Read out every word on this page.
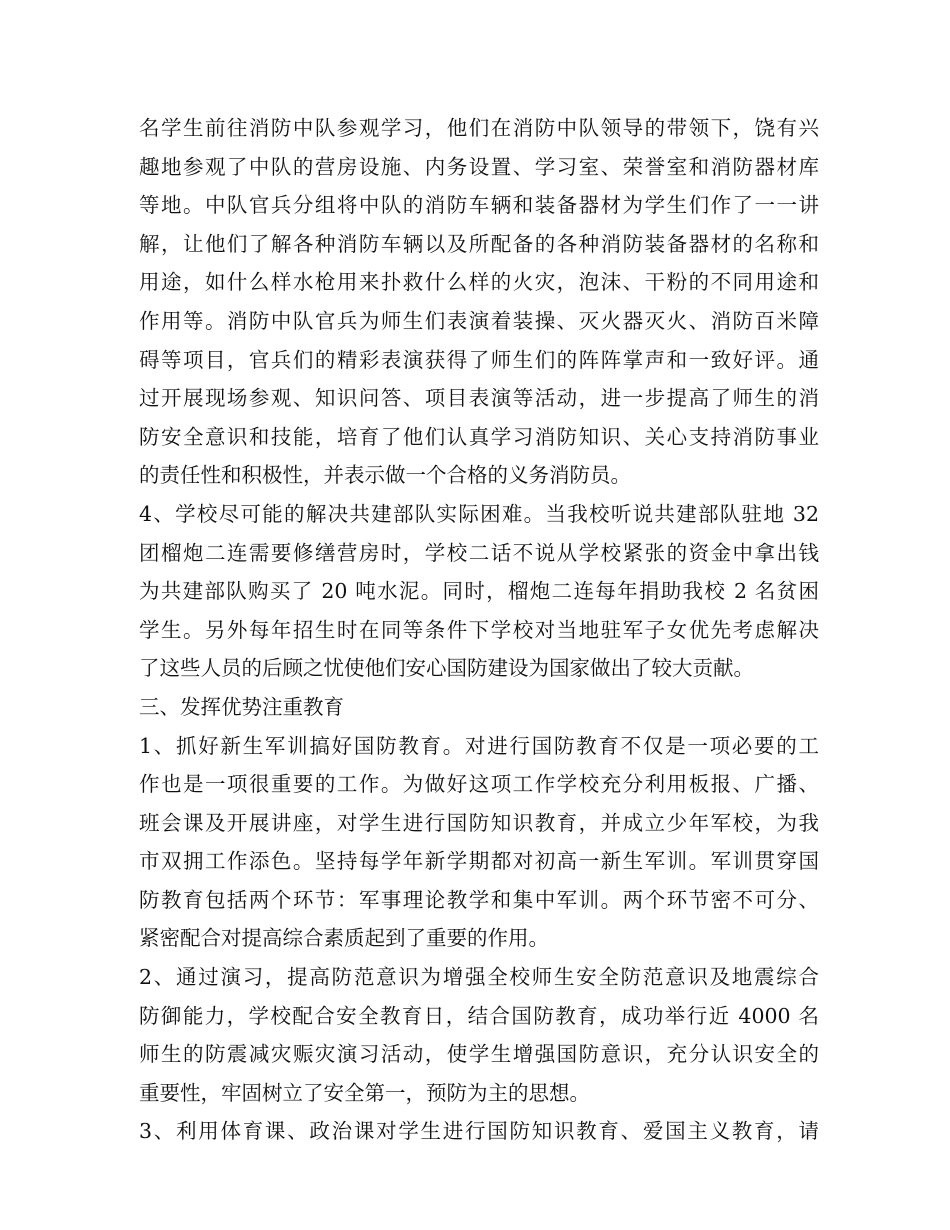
名学生前往消防中队参观学习，他们在消防中队领导的带领下，饶有兴
趣地参观了中队的营房设施、内务设置、学习室、荣誉室和消防器材库
等地。中队官兵分组将中队的消防车辆和装备器材为学生们作了一一讲
解，让他们了解各种消防车辆以及所配备的各种消防装备器材的名称和
用途，如什么样水枪用来扑救什么样的火灾，泡沫、干粉的不同用途和
作用等。消防中队官兵为师生们表演着装操、灭火器灭火、消防百米障
碍等项目，官兵们的精彩表演获得了师生们的阵阵掌声和一致好评。通
过开展现场参观、知识问答、项目表演等活动，进一步提高了师生的消
防安全意识和技能，培育了他们认真学习消防知识、关心支持消防事业
的责任性和积极性，并表示做一个合格的义务消防员。
4、学校尽可能的解决共建部队实际困难。当我校听说共建部队驻地 32
团榴炮二连需要修缮营房时，学校二话不说从学校紧张的资金中拿出钱
为共建部队购买了 20 吨水泥。同时，榴炮二连每年捐助我校 2 名贫困
学生。另外每年招生时在同等条件下学校对当地驻军子女优先考虑解决
了这些人员的后顾之忧使他们安心国防建设为国家做出了较大贡献。
三、发挥优势注重教育
1、抓好新生军训搞好国防教育。对进行国防教育不仅是一项必要的工
作也是一项很重要的工作。为做好这项工作学校充分利用板报、广播、
班会课及开展讲座，对学生进行国防知识教育，并成立少年军校，为我
市双拥工作添色。坚持每学年新学期都对初高一新生军训。军训贯穿国
防教育包括两个环节：军事理论教学和集中军训。两个环节密不可分、
紧密配合对提高综合素质起到了重要的作用。
2、通过演习，提高防范意识为增强全校师生安全防范意识及地震综合
防御能力，学校配合安全教育日，结合国防教育，成功举行近 4000 名
师生的防震减灾赈灾演习活动，使学生增强国防意识，充分认识安全的
重要性，牢固树立了安全第一，预防为主的思想。
3、利用体育课、政治课对学生进行国防知识教育、爱国主义教育，请
